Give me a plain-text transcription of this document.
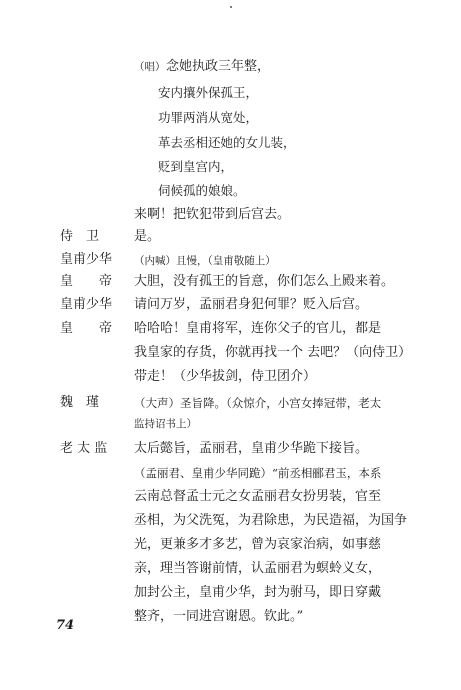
（唱） 念她执政三年整，
安内攘外保孤王，
功罪两消从宽处，
革去丞相还她的女儿装，
贬到皇宫内，
伺候孤的娘娘。
来啊！把钦犯带到后宫去。
侍　卫	是。
皇甫少华 （内喊）且慢，（皇甫敬随上）
皇　　帝 大胆，没有孤王的旨意，你们怎么上殿来着。
皇甫少华 请问万岁，孟丽君身犯何罪？贬入后宫。
皇　　帝 哈哈哈！皇甫将军，连你父子的官儿，都是
我皇家的存货，你就再找一个 去吧？（向侍卫）
带走！（少华拔剑，侍卫团介）
魏　瑾	（大声）圣旨降。（众惊介，小宫女捧冠带，老太
监持诏书上）
老 太 监 太后懿旨，孟丽君，皇甫少华跪下接旨。
（孟丽君、皇甫少华同跪）“前丞相郦君玉，本系
云南总督孟士元之女孟丽君女扮男装，官至
丞相，为父洗冤，为君除患，为民造福，为国争
光，更兼多才多艺，曾为哀家治病，如事慈
亲，理当答谢前情，认孟丽君为螟蛉义女，
加封公主，皇甫少华，封为驸马，即日穿戴
整齐，一同进宫谢恩。钦此。”
74
